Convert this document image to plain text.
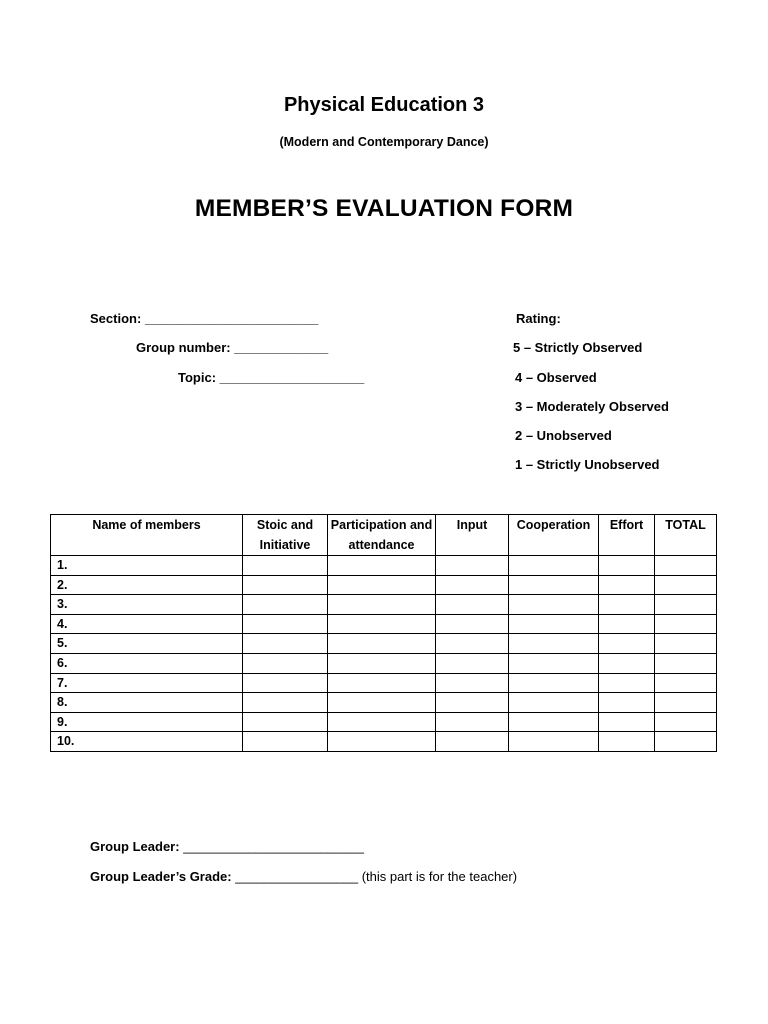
Physical Education 3
(Modern and Contemporary Dance)
MEMBER’S EVALUATION FORM
Section: ________________________
Group number: _____________
Topic: ____________________
Rating:
5 – Strictly Observed
4 – Observed
3 – Moderately Observed
2 – Unobserved
1 – Strictly Unobserved
Name of members	Stoic and Initiative	Participation and attendance	Input	Cooperation	Effort	TOTAL
1.						
2.						
3.						
4.						
5.						
6.						
7.						
8.						
9.						
10.						
Group Leader: _________________________
Group Leader’s Grade: _________________ (this part is for the teacher)
